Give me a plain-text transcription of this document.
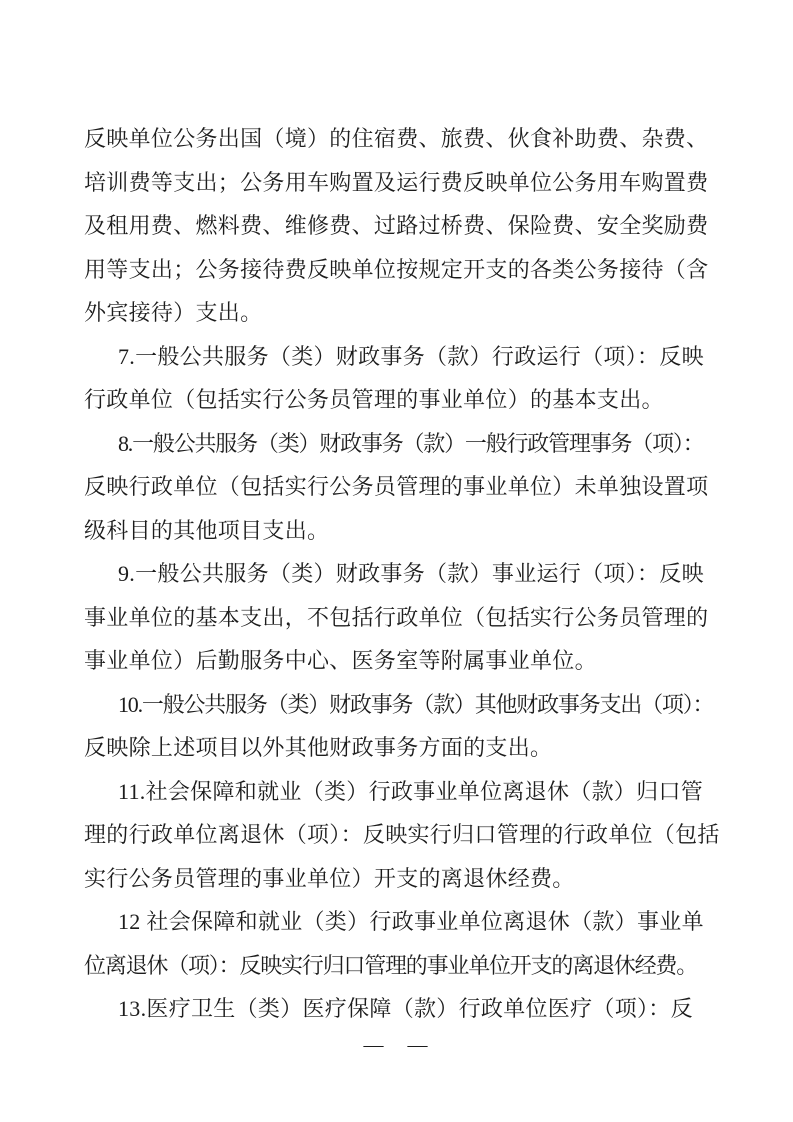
反映单位公务出国（境）的住宿费、旅费、伙食补助费、杂费、
培训费等支出；公务用车购置及运行费反映单位公务用车购置费
及租用费、燃料费、维修费、过路过桥费、保险费、安全奖励费
用等支出；公务接待费反映单位按规定开支的各类公务接待（含
外宾接待）支出。
7.一般公共服务（类）财政事务（款）行政运行（项）：反映
行政单位（包括实行公务员管理的事业单位）的基本支出。
8.一般公共服务（类）财政事务（款）一般行政管理事务（项）：
反映行政单位（包括实行公务员管理的事业单位）未单独设置项
级科目的其他项目支出。
9.一般公共服务（类）财政事务（款）事业运行（项）：反映
事业单位的基本支出，不包括行政单位（包括实行公务员管理的
事业单位）后勤服务中心、医务室等附属事业单位。
10.一般公共服务（类）财政事务（款）其他财政事务支出（项）：
反映除上述项目以外其他财政事务方面的支出。
11.社会保障和就业（类）行政事业单位离退休（款）归口管
理的行政单位离退休（项）：反映实行归口管理的行政单位（包括
实行公务员管理的事业单位）开支的离退休经费。
12 社会保障和就业（类）行政事业单位离退休（款）事业单
位离退休（项）：反映实行归口管理的事业单位开支的离退休经费。
13.医疗卫生（类）医疗保障（款）行政单位医疗（项）：反
—　—
